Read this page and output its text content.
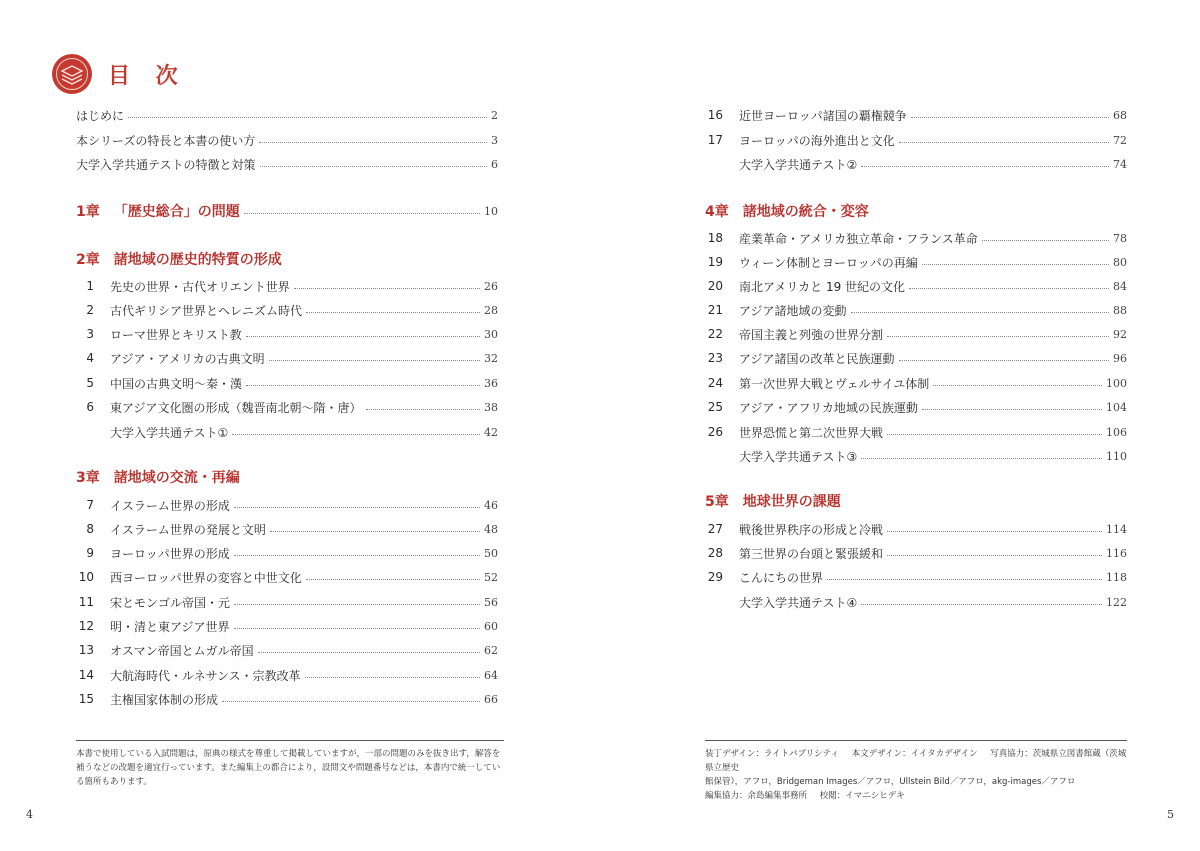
目 次
はじめに	2
本シリーズの特長と本書の使い方	3
大学入学共通テストの特徴と対策	6
1章 「歴史総合」の問題	10
2章 諸地域の歴史的特質の形成
1 先史の世界・古代オリエント世界	26
2 古代ギリシア世界とヘレニズム時代	28
3 ローマ世界とキリスト教	30
4 アジア・アメリカの古典文明	32
5 中国の古典文明～秦・漢	36
6 東アジア文化圏の形成（魏晋南北朝～隋・唐）	38
大学入学共通テスト①	42
3章 諸地域の交流・再編
7 イスラーム世界の形成	46
8 イスラーム世界の発展と文明	48
9 ヨーロッパ世界の形成	50
10 西ヨーロッパ世界の変容と中世文化	52
11 宋とモンゴル帝国・元	56
12 明・清と東アジア世界	60
13 オスマン帝国とムガル帝国	62
14 大航海時代・ルネサンス・宗教改革	64
15 主権国家体制の形成	66
本書で使用している入試問題は，原典の様式を尊重して掲載していますが，一部の問題のみを抜き出す，解答を補うなどの改題を適宜行っています。また編集上の都合により，設問文や問題番号などは，本書内で統一している箇所もあります。
4
16 近世ヨーロッパ諸国の覇権競争	68
17 ヨーロッパの海外進出と文化	72
大学入学共通テスト②	74
4章 諸地域の統合・変容
18 産業革命・アメリカ独立革命・フランス革命	78
19 ウィーン体制とヨーロッパの再編	80
20 南北アメリカと 19 世紀の文化	84
21 アジア諸地域の変動	88
22 帝国主義と列強の世界分割	92
23 アジア諸国の改革と民族運動	96
24 第一次世界大戦とヴェルサイユ体制	100
25 アジア・アフリカ地域の民族運動	104
26 世界恐慌と第二次世界大戦	106
大学入学共通テスト③	110
5章 地球世界の課題
27 戦後世界秩序の形成と冷戦	114
28 第三世界の台頭と緊張緩和	116
29 こんにちの世界	118
大学入学共通テスト④	122
装丁デザイン：ライトパブリシティ 本文デザイン：イイタカデザイン 写真協力：茨城県立図書館蔵（茨城県立歴史
館保管），アフロ，Bridgeman Images／アフロ，Ullstein Bild／アフロ，akg-images／アフロ
編集協力：余島編集事務所 校閲：イマニシヒデキ
5
